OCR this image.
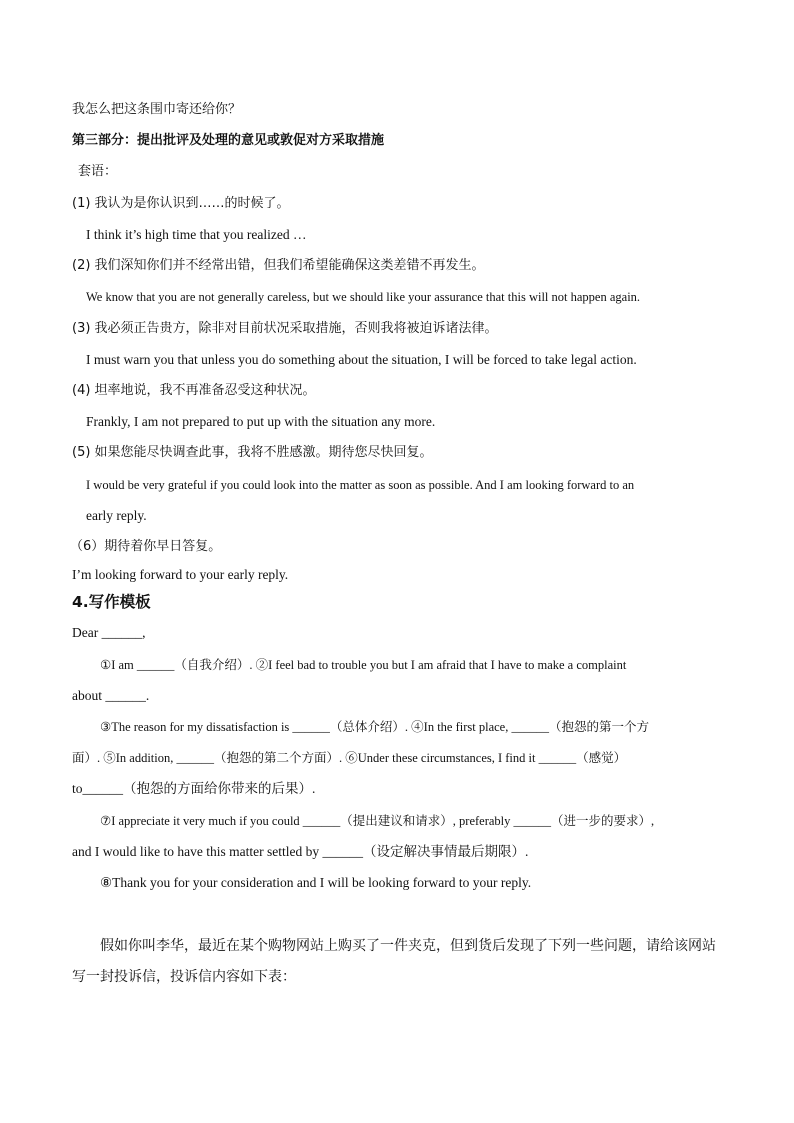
我怎么把这条围巾寄还给你？
第三部分：提出批评及处理的意见或敦促对方采取措施
套语：
(1) 我认为是你认识到……的时候了。
I think it’s high time that you realized …
(2) 我们深知你们并不经常出错，但我们希望能确保这类差错不再发生。
We know that you are not generally careless, but we should like your assurance that this will not happen again.
(3) 我必须正告贵方，除非对目前状况采取措施，否则我将被迫诉诸法律。
I must warn you that unless you do something about the situation, I will be forced to take legal action.
(4) 坦率地说，我不再准备忍受这种状况。
Frankly, I am not prepared to put up with the situation any more.
(5) 如果您能尽快调查此事，我将不胜感激。期待您尽快回复。
I would be very grateful if you could look into the matter as soon as possible. And I am looking forward to an
early reply.
（6）期待着你早日答复。
I’m looking forward to your early reply.
4.写作模板
Dear ______,
①I am ______（自我介绍）. ②I feel bad to trouble you but I am afraid that I have to make a complaint
about ______.
③The reason for my dissatisfaction is ______（总体介绍）. ④In the first place, ______（抱怨的第一个方
面）. ⑤In addition, ______（抱怨的第二个方面）. ⑥Under these circumstances, I find it ______（感觉）
to______（抱怨的方面给你带来的后果）.
⑦I appreciate it very much if you could ______（提出建议和请求）, preferably ______（进一步的要求）,
and I would like to have this matter settled by ______（设定解决事情最后期限）.
⑧Thank you for your consideration and I will be looking forward to your reply.
假如你叫李华，最近在某个购物网站上购买了一件夹克，但到货后发现了下列一些问题，请给该网站
写一封投诉信，投诉信内容如下表：
